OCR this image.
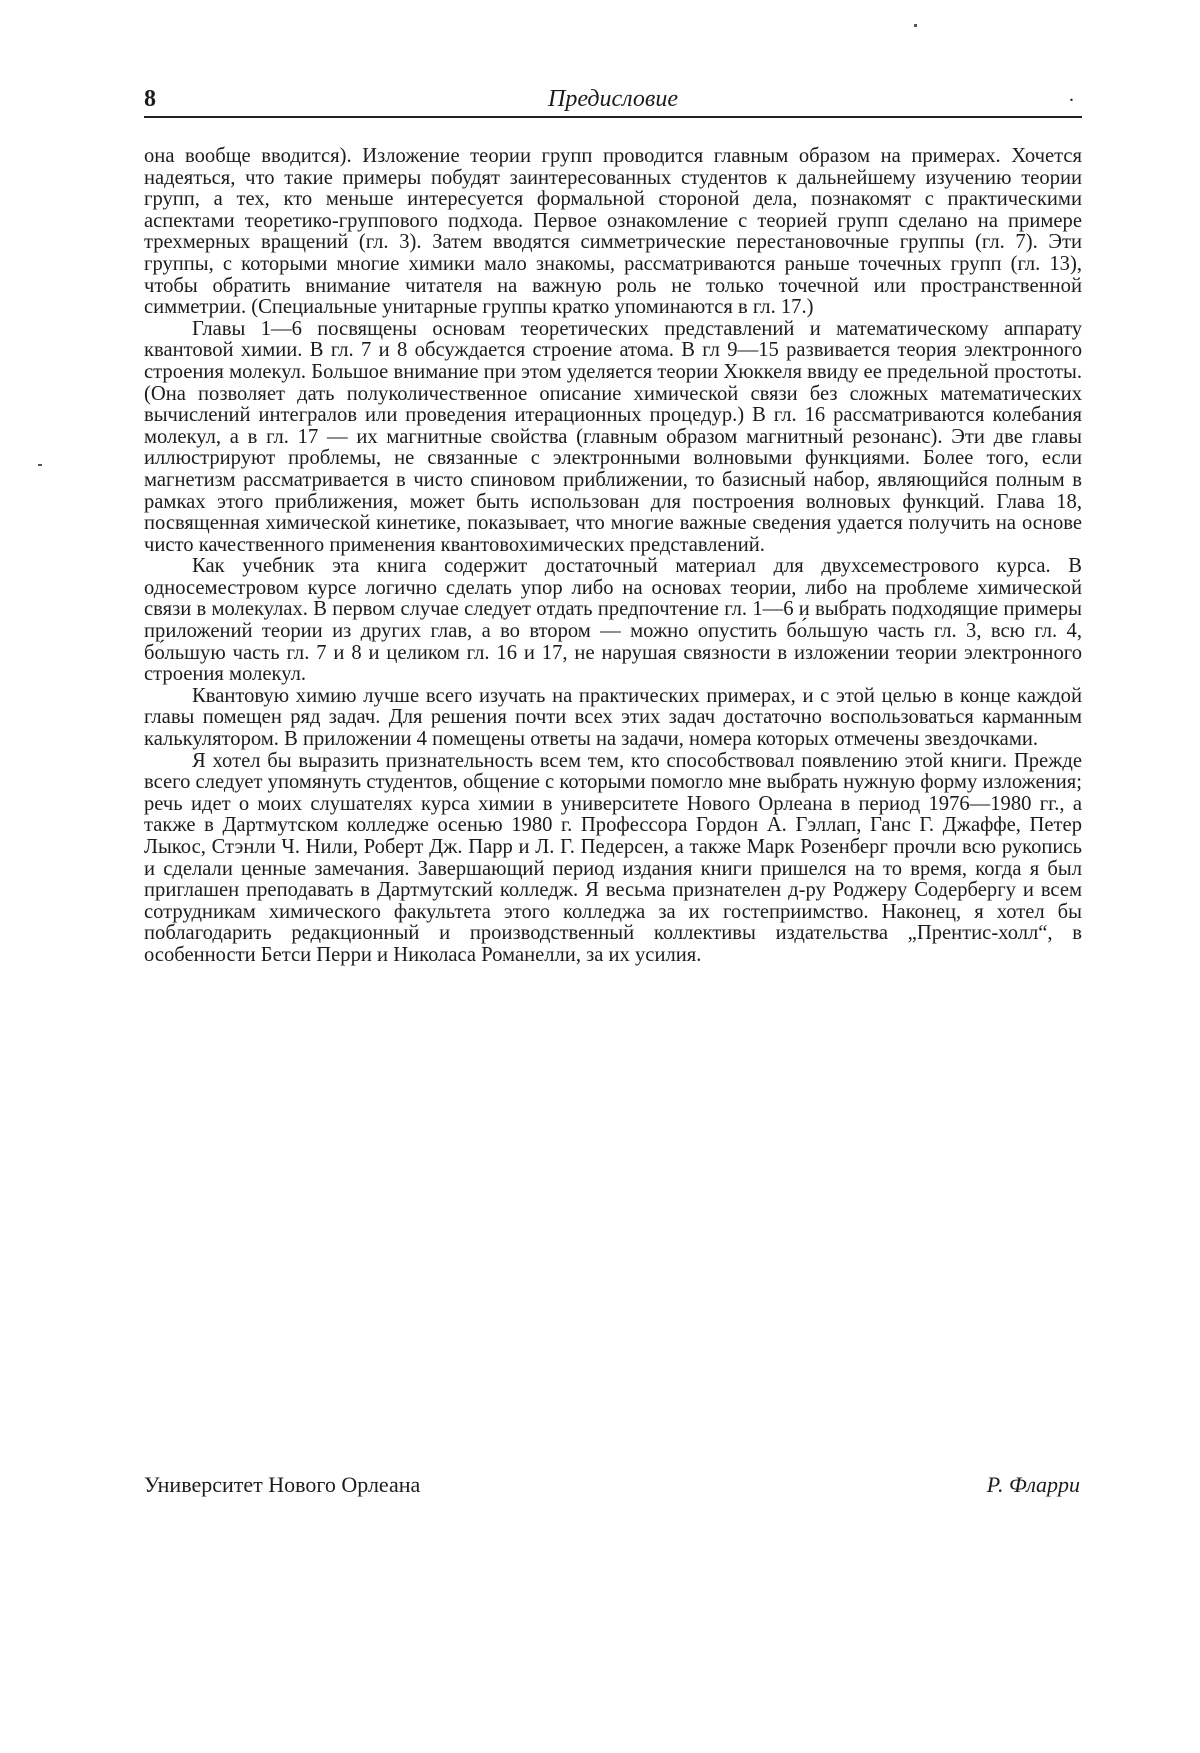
8	Предисловие	.

она вообще вводится). Изложение теории групп проводится главным образом на примерах. Хочется надеяться, что такие примеры побудят заинтересованных студентов к дальнейшему изучению теории групп, а тех, кто меньше интересуется формальной стороной дела, познакомят с практическими аспектами теоретико-группового подхода. Первое ознакомление с теорией групп сделано на примере трехмерных вращений (гл. 3). Затем вводятся симметрические перестановочные группы (гл. 7). Эти группы, с которыми многие химики мало знакомы, рассматриваются раньше точечных групп (гл. 13), чтобы обратить внимание читателя на важную роль не только точечной или пространственной симметрии. (Специальные унитарные группы кратко упоминаются в гл. 17.)

Главы 1—6 посвящены основам теоретических представлений и математическому аппарату квантовой химии. В гл. 7 и 8 обсуждается строение атома. В гл 9—15 развивается теория электронного строения молекул. Большое внимание при этом уделяется теории Хюккеля ввиду ее предельной простоты. (Она позволяет дать полуколичественное описание химической связи без сложных математических вычислений интегралов или проведения итерационных процедур.) В гл. 16 рассматриваются колебания молекул, а в гл. 17 — их магнитные свойства (главным образом магнитный резонанс). Эти две главы иллюстрируют проблемы, не связанные с электронными волновыми функциями. Более того, если магнетизм рассматривается в чисто спиновом приближении, то базисный набор, являющийся полным в рамках этого приближения, может быть использован для построения волновых функций. Глава 18, посвященная химической кинетике, показывает, что многие важные сведения удается получить на основе чисто качественного применения квантовохимических представлений.

Как учебник эта книга содержит достаточный материал для двухсеместрового курса. В односеместровом курсе логично сделать упор либо на основах теории, либо на проблеме химической связи в молекулах. В первом случае следует отдать предпочтение гл. 1—6 и выбрать подходящие примеры приложений теории из других глав, а во втором — можно опустить бо́льшую часть гл. 3, всю гл. 4, бо́льшую часть гл. 7 и 8 и целиком гл. 16 и 17, не нарушая связности в изложении теории электронного строения молекул.

Квантовую химию лучше всего изучать на практических примерах, и с этой целью в конце каждой главы помещен ряд задач. Для решения почти всех этих задач достаточно воспользоваться карманным калькулятором. В приложении 4 помещены ответы на задачи, номера которых отмечены звездочками.

Я хотел бы выразить признательность всем тем, кто способствовал появлению этой книги. Прежде всего следует упомянуть студентов, общение с которыми помогло мне выбрать нужную форму изложения; речь идет о моих слушателях курса химии в университете Нового Орлеана в период 1976—1980 гг., а также в Дартмутском колледже осенью 1980 г. Профессора Гордон А. Гэллап, Ганс Г. Джаффе, Петер Лыкос, Стэнли Ч. Нили, Роберт Дж. Парр и Л. Г. Педерсен, а также Марк Розенберг прочли всю рукопись и сделали ценные замечания. Завершающий период издания книги пришелся на то время, когда я был приглашен преподавать в Дартмутский колледж. Я весьма признателен д-ру Роджеру Содербергу и всем сотрудникам химического факультета этого колледжа за их гостеприимство. Наконец, я хотел бы поблагодарить редакционный и производственный коллективы издательства „Прентис-холл“, в особенности Бетси Перри и Николаса Романелли, за их усилия.

Университет Нового Орлеана	Р. Флappu
